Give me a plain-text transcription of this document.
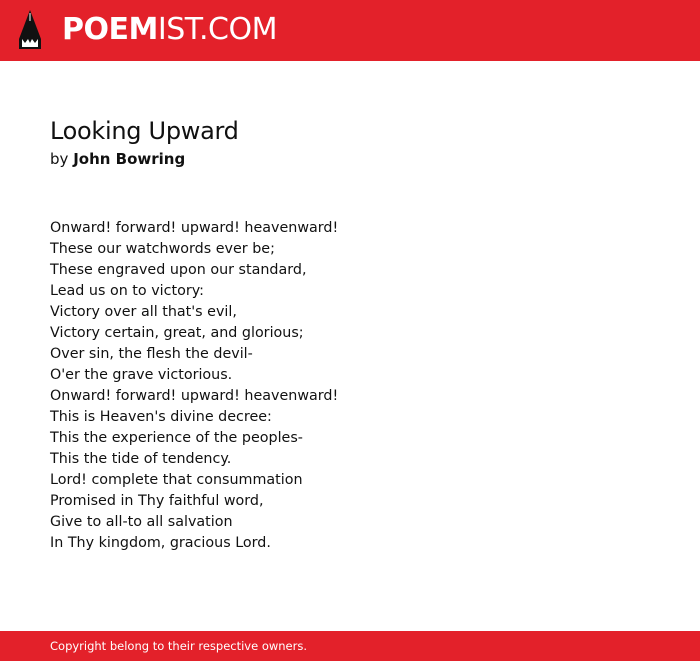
POEMIST.COM
Looking Upward
by John Bowring
Onward! forward! upward! heavenward!
These our watchwords ever be;
These engraved upon our standard,
Lead us on to victory:
Victory over all that's evil,
Victory certain, great, and glorious;
Over sin, the flesh the devil-
O'er the grave victorious.
Onward! forward! upward! heavenward!
This is Heaven's divine decree:
This the experience of the peoples-
This the tide of tendency.
Lord! complete that consummation
Promised in Thy faithful word,
Give to all-to all salvation
In Thy kingdom, gracious Lord.
Copyright belong to their respective owners.
